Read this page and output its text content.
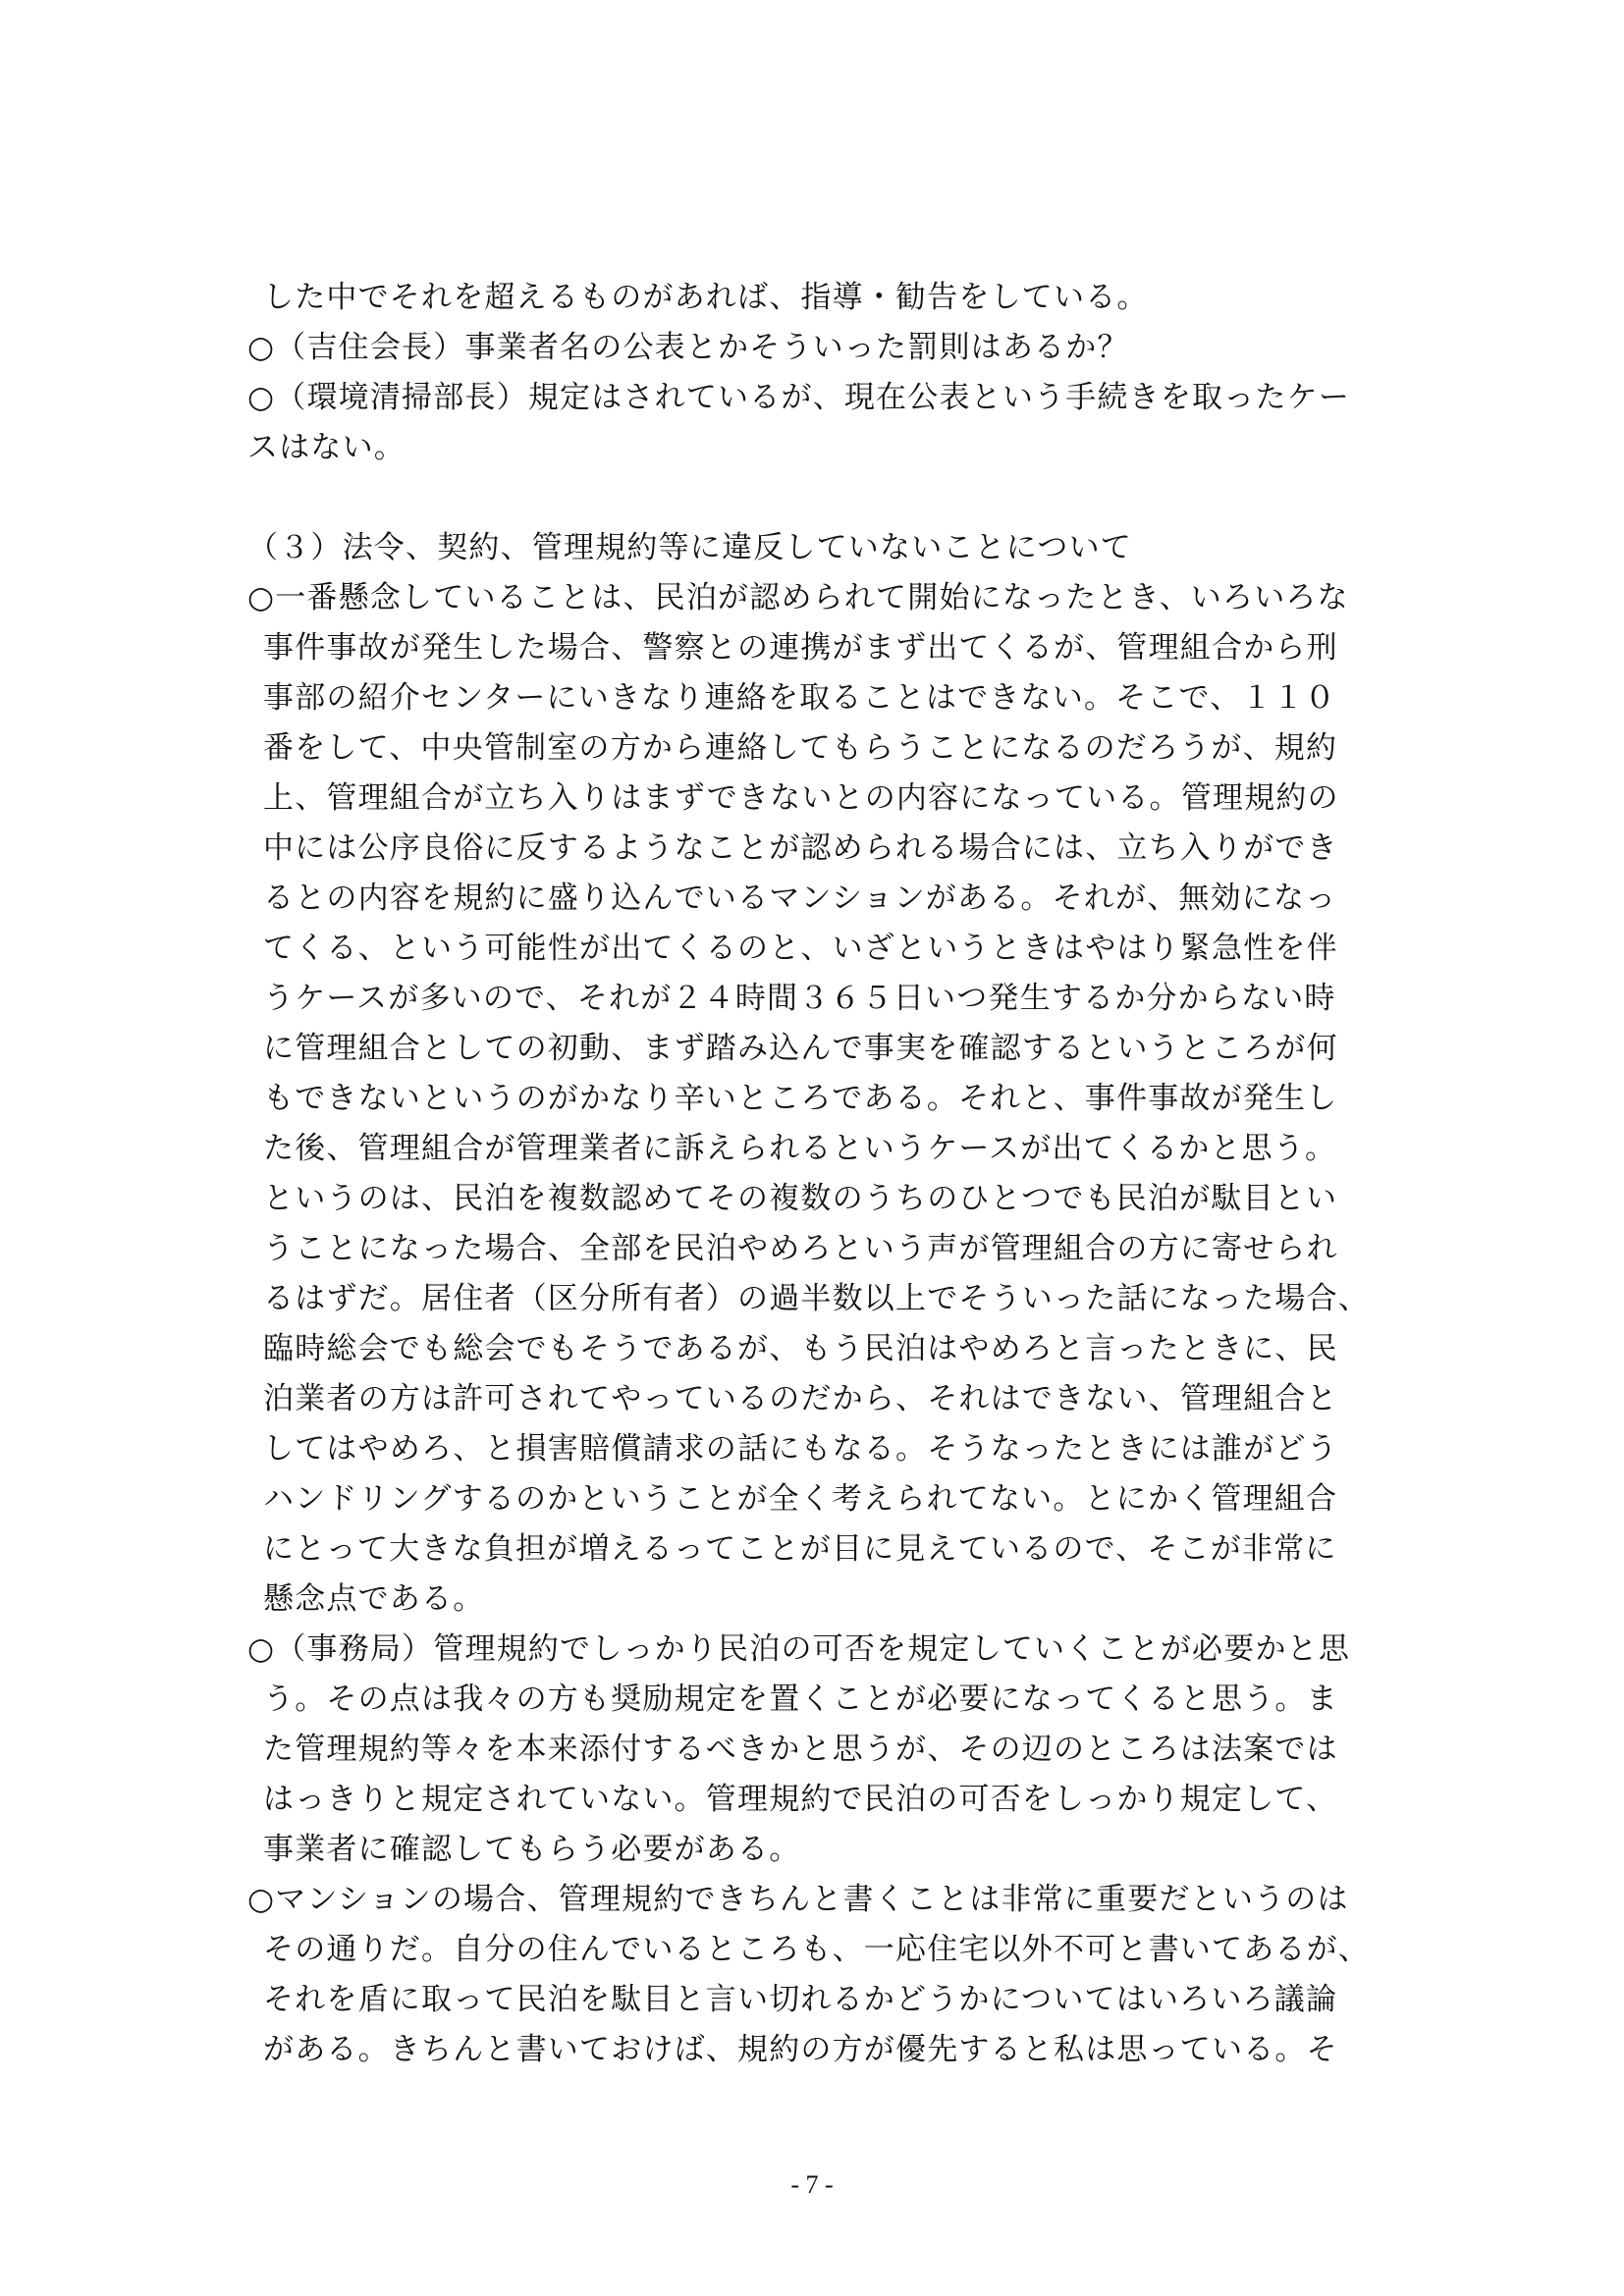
した中でそれを超えるものがあれば、指導・勧告をしている。
○（吉住会長）事業者名の公表とかそういった罰則はあるか？
○（環境清掃部長）規定はされているが、現在公表という手続きを取ったケー
スはない。
（３）法令、契約、管理規約等に違反していないことについて
○一番懸念していることは、民泊が認められて開始になったとき、いろいろな
事件事故が発生した場合、警察との連携がまず出てくるが、管理組合から刑
事部の紹介センターにいきなり連絡を取ることはできない。そこで、１１０
番をして、中央管制室の方から連絡してもらうことになるのだろうが、規約
上、管理組合が立ち入りはまずできないとの内容になっている。管理規約の
中には公序良俗に反するようなことが認められる場合には、立ち入りができ
るとの内容を規約に盛り込んでいるマンションがある。それが、無効になっ
てくる、という可能性が出てくるのと、いざというときはやはり緊急性を伴
うケースが多いので、それが２４時間３６５日いつ発生するか分からない時
に管理組合としての初動、まず踏み込んで事実を確認するというところが何
もできないというのがかなり辛いところである。それと、事件事故が発生し
た後、管理組合が管理業者に訴えられるというケースが出てくるかと思う。
というのは、民泊を複数認めてその複数のうちのひとつでも民泊が駄目とい
うことになった場合、全部を民泊やめろという声が管理組合の方に寄せられ
るはずだ。居住者（区分所有者）の過半数以上でそういった話になった場合、
臨時総会でも総会でもそうであるが、もう民泊はやめろと言ったときに、民
泊業者の方は許可されてやっているのだから、それはできない、管理組合と
してはやめろ、と損害賠償請求の話にもなる。そうなったときには誰がどう
ハンドリングするのかということが全く考えられてない。とにかく管理組合
にとって大きな負担が増えるってことが目に見えているので、そこが非常に
懸念点である。
○（事務局）管理規約でしっかり民泊の可否を規定していくことが必要かと思
う。その点は我々の方も奨励規定を置くことが必要になってくると思う。ま
た管理規約等々を本来添付するべきかと思うが、その辺のところは法案では
はっきりと規定されていない。管理規約で民泊の可否をしっかり規定して、
事業者に確認してもらう必要がある。
○マンションの場合、管理規約できちんと書くことは非常に重要だというのは
その通りだ。自分の住んでいるところも、一応住宅以外不可と書いてあるが、
それを盾に取って民泊を駄目と言い切れるかどうかについてはいろいろ議論
がある。きちんと書いておけば、規約の方が優先すると私は思っている。そ
- 7 -
